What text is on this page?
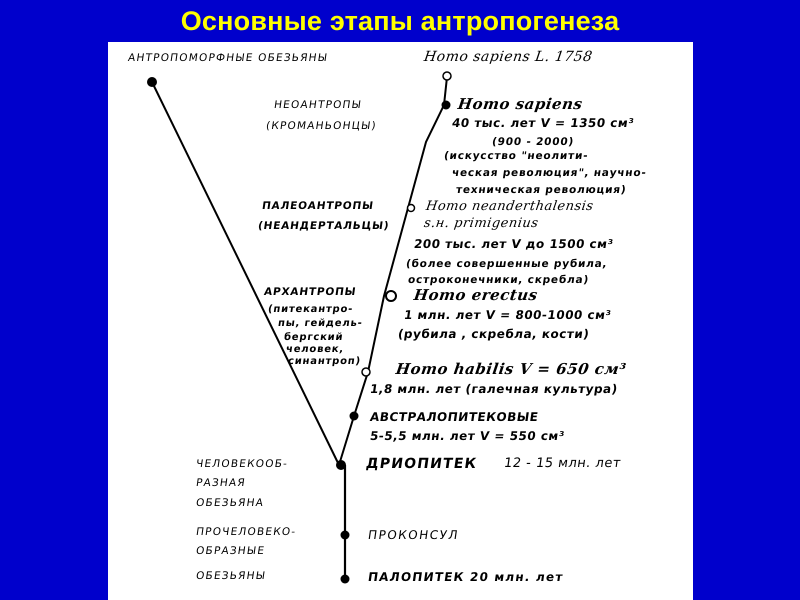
Основные этапы антропогенеза
АНТРОПОМОРФНЫЕ ОБЕЗЬЯНЫ	Homo sapiens L. 1758
НЕОАНТРОПЫ
(КРОМАНЬОНЦЫ)
Homo sapiens
40 тыс. лет V = 1350 см³
(900 - 2000)
(искусство "неолити-
ческая революция", научно-
техническая революция)
ПАЛЕОАНТРОПЫ
(НЕАНДЕРТАЛЬЦЫ)
Homo neanderthalensis
s.н. primigenius
200 тыс. лет V до 1500 см³
(более совершенные рубила,
остроконечники, скребла)
АРХАНТРОПЫ
(питекантро-
пы, гейдель-
бергский
человек,
синантроп)
Homo erectus
1 млн. лет V = 800-1000 см³
(рубила , скребла, кости)
Homo habilis V = 650 см³
1,8 млн. лет (галечная культура)
АВСТРАЛОПИТЕКОВЫЕ
5-5,5 млн. лет V = 550 см³
ЧЕЛОВЕКООБ-
РАЗНАЯ
ОБЕЗЬЯНА
ДРИОПИТЕК 12 - 15 млн. лет
ПРОЧЕЛОВЕКО-
ОБРАЗНЫЕ
ОБЕЗЬЯНЫ
ПРОКОНСУЛ
ПАЛОПИТЕК 20 млн. лет
